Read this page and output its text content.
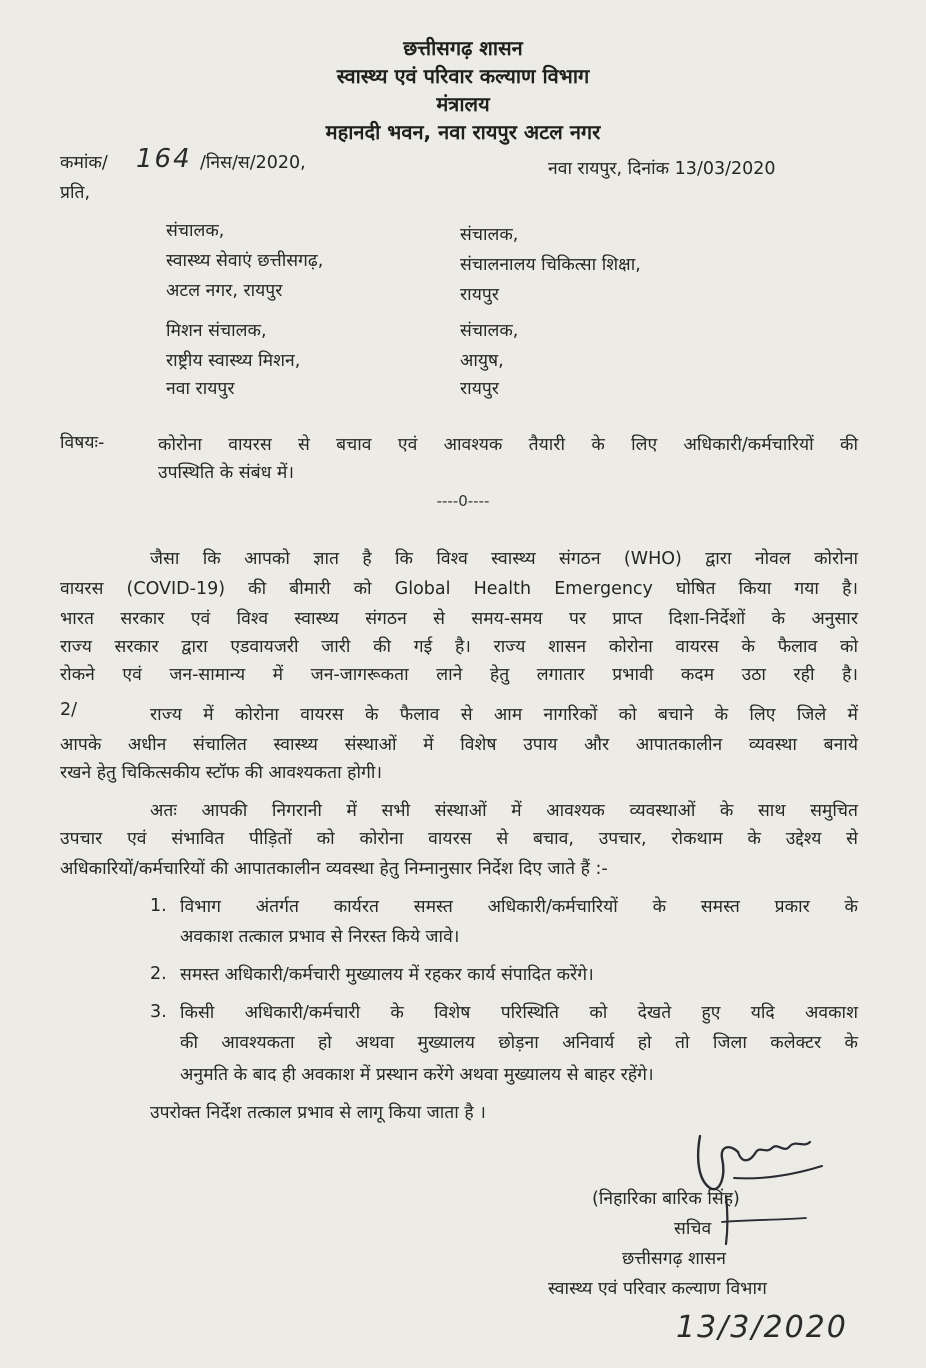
छत्तीसगढ़ शासन
स्वास्थ्य एवं परिवार कल्याण विभाग
मंत्रालय
महानदी भवन, नवा रायपुर अटल नगर
कमांक/ 164 /निस/स/2020,	नवा रायपुर, दिनांक 13/03/2020
प्रति,
संचालक,
स्वास्थ्य सेवाएं छत्तीसगढ़,
अटल नगर, रायपुर
संचालक,
संचालनालय चिकित्सा शिक्षा,
रायपुर
मिशन संचालक,
राष्ट्रीय स्वास्थ्य मिशन,
नवा रायपुर
संचालक,
आयुष,
रायपुर
विषयः-	कोरोना वायरस से बचाव एवं आवश्यक तैयारी के लिए अधिकारी/कर्मचारियों की
उपस्थिति के संबंध में।
----0----
जैसा कि आपको ज्ञात है कि विश्व स्वास्थ्य संगठन (WHO) द्वारा नोवल कोरोना
वायरस (COVID-19) की बीमारी को Global Health Emergency घोषित किया गया है।
भारत सरकार एवं विश्व स्वास्थ्य संगठन से समय-समय पर प्राप्त दिशा-निर्देशों के अनुसार
राज्य सरकार द्वारा एडवायजरी जारी की गई है। राज्य शासन कोरोना वायरस के फैलाव को
रोकने एवं जन-सामान्य में जन-जागरूकता लाने हेतु लगातार प्रभावी कदम उठा रही है।
2/	राज्य में कोरोना वायरस के फैलाव से आम नागरिकों को बचाने के लिए जिले में
आपके अधीन संचालित स्वास्थ्य संस्थाओं में विशेष उपाय और आपातकालीन व्यवस्था बनाये
रखने हेतु चिकित्सकीय स्टॉफ की आवश्यकता होगी।
अतः आपकी निगरानी में सभी संस्थाओं में आवश्यक व्यवस्थाओं के साथ समुचित
उपचार एवं संभावित पीड़ितों को कोरोना वायरस से बचाव, उपचार, रोकथाम के उद्देश्य से
अधिकारियों/कर्मचारियों की आपातकालीन व्यवस्था हेतु निम्नानुसार निर्देश दिए जाते हैं :-
1. विभाग अंतर्गत कार्यरत समस्त अधिकारी/कर्मचारियों के समस्त प्रकार के
अवकाश तत्काल प्रभाव से निरस्त किये जावे।
2. समस्त अधिकारी/कर्मचारी मुख्यालय में रहकर कार्य संपादित करेंगे।
3. किसी अधिकारी/कर्मचारी के विशेष परिस्थिति को देखते हुए यदि अवकाश
की आवश्यकता हो अथवा मुख्यालय छोड़ना अनिवार्य हो तो जिला कलेक्टर के
अनुमति के बाद ही अवकाश में प्रस्थान करेंगे अथवा मुख्यालय से बाहर रहेंगे।
उपरोक्त निर्देश तत्काल प्रभाव से लागू किया जाता है ।
(निहारिका बारिक सिंह)
सचिव
छत्तीसगढ़ शासन
स्वास्थ्य एवं परिवार कल्याण विभाग
13/3/2020
